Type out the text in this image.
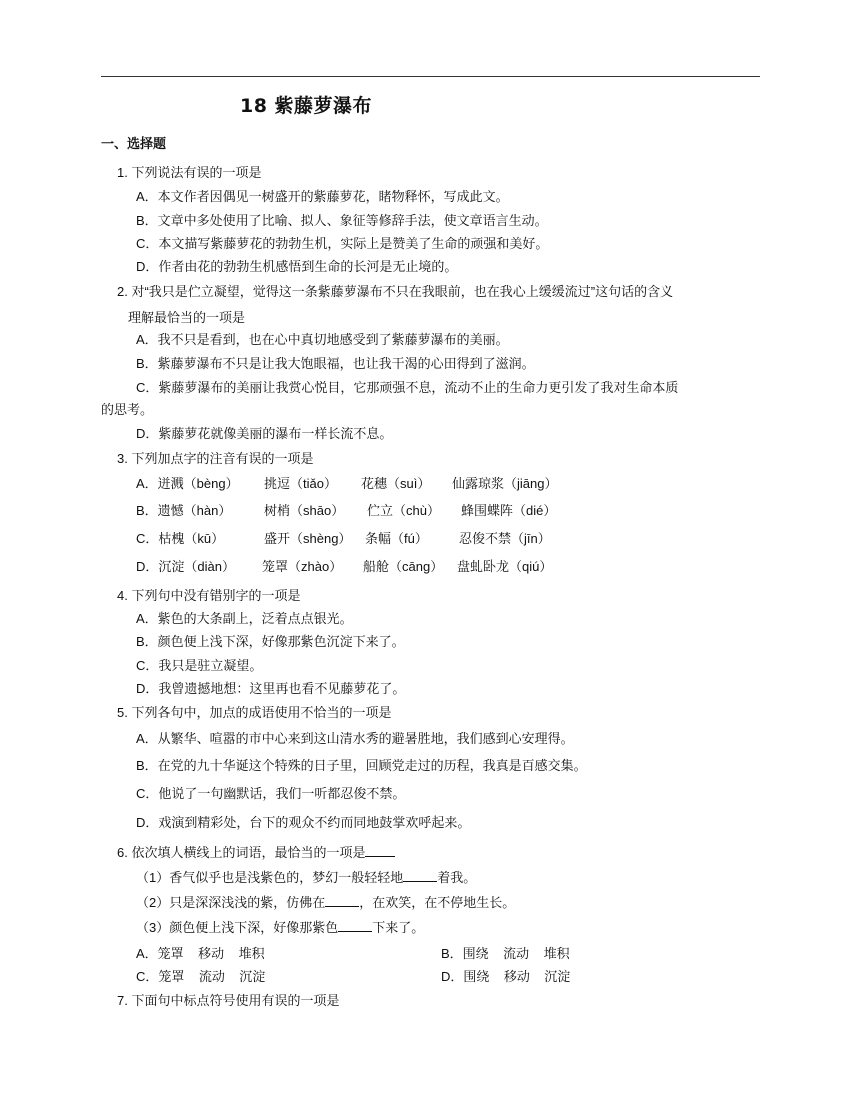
18 紫藤萝瀑布
一、选择题
1. 下列说法有误的一项是
A．本文作者因偶见一树盛开的紫藤萝花，睹物释怀，写成此文。
B．文章中多处使用了比喻、拟人、象征等修辞手法，使文章语言生动。
C．本文描写紫藤萝花的勃勃生机，实际上是赞美了生命的顽强和美好。
D．作者由花的勃勃生机感悟到生命的长河是无止境的。
2. 对“我只是伫立凝望，觉得这一条紫藤萝瀑布不只在我眼前，也在我心上缓缓流过”这句话的含义
理解最恰当的一项是
A．我不只是看到，也在心中真切地感受到了紫藤萝瀑布的美丽。
B．紫藤萝瀑布不只是让我大饱眼福，也让我干渴的心田得到了滋润。
C．紫藤萝瀑布的美丽让我赏心悦目，它那顽强不息，流动不止的生命力更引发了我对生命本质
的思考。
D．紫藤萝花就像美丽的瀑布一样长流不息。
3. 下列加点字的注音有误的一项是
A．迸溅（bèng） 挑逗（tiǎo） 花穗（suì） 仙露琼浆（jiāng）
B．遗憾（hàn）	树梢（shāo） 伫立（chù） 蜂围蝶阵（dié）
C．枯槐（kū）	盛开（shèng） 条幅（fú） 忍俊不禁（jīn）
D．沉淀（diàn） 笼罩（zhào） 船舱（cāng） 盘虬卧龙（qiú）
4. 下列句中没有错别字的一项是
A．紫色的大条副上，泛着点点银光。
B．颜色便上浅下深，好像那紫色沉淀下来了。
C．我只是驻立凝望。
D．我曾遗撼地想：这里再也看不见藤萝花了。
5. 下列各句中，加点的成语使用不恰当的一项是
A．从繁华、喧嚣的市中心来到这山清水秀的避暑胜地，我们感到心安理得。
B．在党的九十华诞这个特殊的日子里，回顾党走过的历程，我真是百感交集。
C．他说了一句幽默话，我们一听都忍俊不禁。
D．戏演到精彩处，台下的观众不约而同地鼓掌欢呼起来。
6. 依次填人横线上的词语，最恰当的一项是
（1）香气似乎也是浅紫色的，梦幻一般轻轻地	着我。
（2）只是深深浅浅的紫，仿佛在	，在欢笑，在不停地生长。
（3）颜色便上浅下深，好像那紫色	下来了。
A．笼罩    移动    堆积	B．围绕    流动    堆积
C．笼罩    流动    沉淀	D．围绕    移动    沉淀
7. 下面句中标点符号使用有误的一项是
